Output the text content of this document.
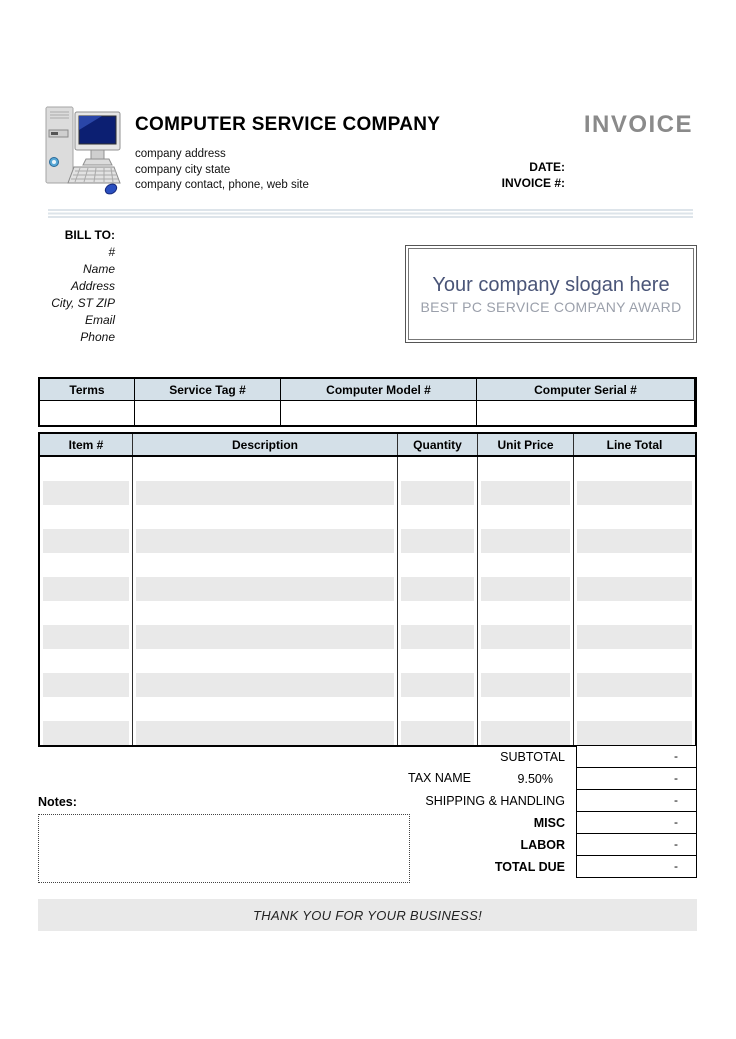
COMPUTER SERVICE COMPANY
company address
company city state
company contact, phone, web site
INVOICE
DATE:
INVOICE #:
BILL TO:
#
Name
Address
City, ST ZIP
Email
Phone
Your company slogan here
BEST PC SERVICE COMPANY AWARD
Terms	Service Tag #	Computer Model #	Computer Serial #
Item #	Description	Quantity	Unit Price	Line Total
SUBTOTAL	-
TAX NAME	9.50%	-
SHIPPING & HANDLING	-
MISC	-
LABOR	-
TOTAL DUE	-
Notes:
THANK YOU FOR YOUR BUSINESS!
